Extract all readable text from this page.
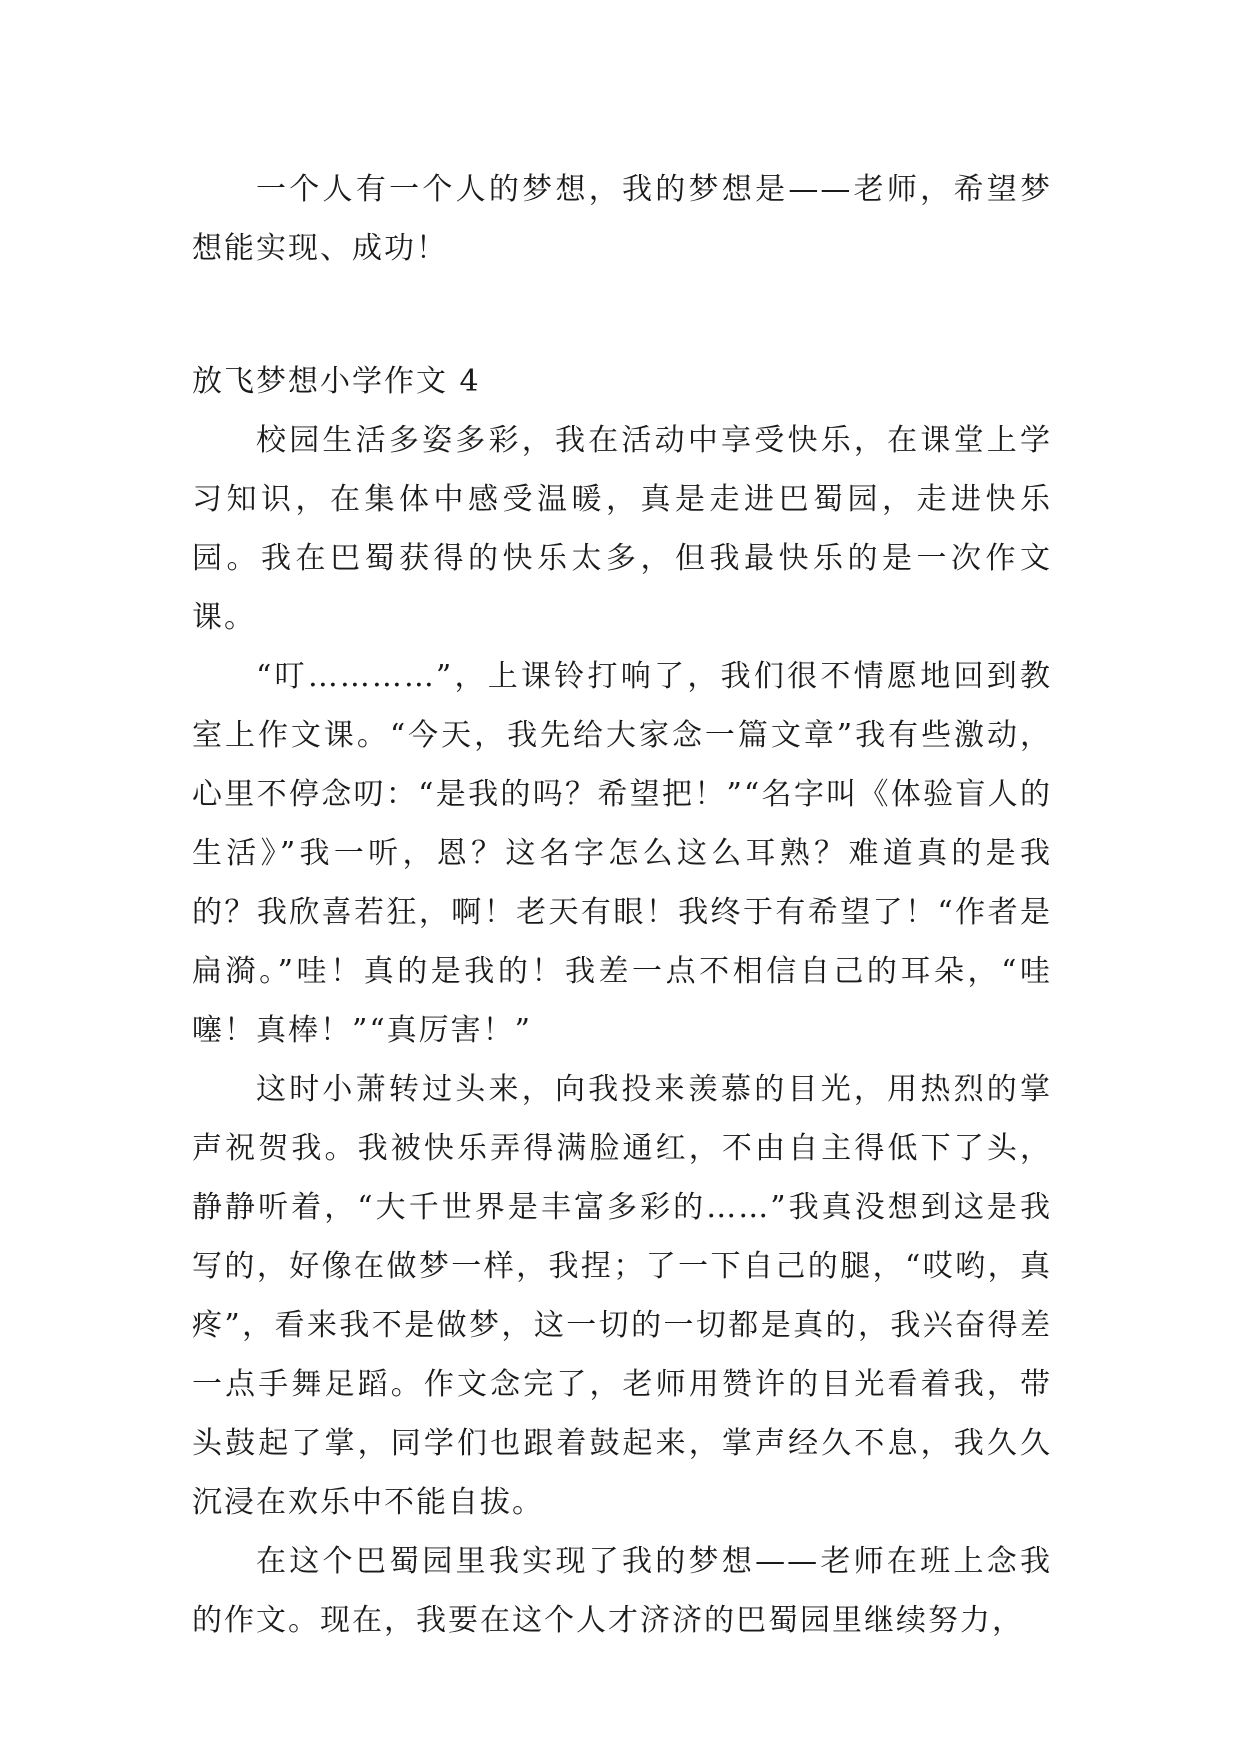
一个人有一个人的梦想，我的梦想是——老师，希望梦想能实现、成功！

放飞梦想小学作文 4

校园生活多姿多彩，我在活动中享受快乐，在课堂上学习知识，在集体中感受温暖，真是走进巴蜀园，走进快乐园。我在巴蜀获得的快乐太多，但我最快乐的是一次作文课。

“叮…………”，上课铃打响了，我们很不情愿地回到教室上作文课。“今天，我先给大家念一篇文章”我有些激动，心里不停念叨：“是我的吗？希望把！”“名字叫《体验盲人的生活》”我一听，恩？这名字怎么这么耳熟？难道真的是我的？我欣喜若狂，啊！老天有眼！我终于有希望了！“作者是扁漪。”哇！真的是我的！我差一点不相信自己的耳朵，“哇噻！真棒！”“真厉害！”

这时小萧转过头来，向我投来羡慕的目光，用热烈的掌声祝贺我。我被快乐弄得满脸通红，不由自主得低下了头，静静听着，“大千世界是丰富多彩的……”我真没想到这是我写的，好像在做梦一样，我捏；了一下自己的腿，“哎哟，真疼”，看来我不是做梦，这一切的一切都是真的，我兴奋得差一点手舞足蹈。作文念完了，老师用赞许的目光看着我，带头鼓起了掌，同学们也跟着鼓起来，掌声经久不息，我久久沉浸在欢乐中不能自拔。

在这个巴蜀园里我实现了我的梦想——老师在班上念我的作文。现在，我要在这个人才济济的巴蜀园里继续努力，
